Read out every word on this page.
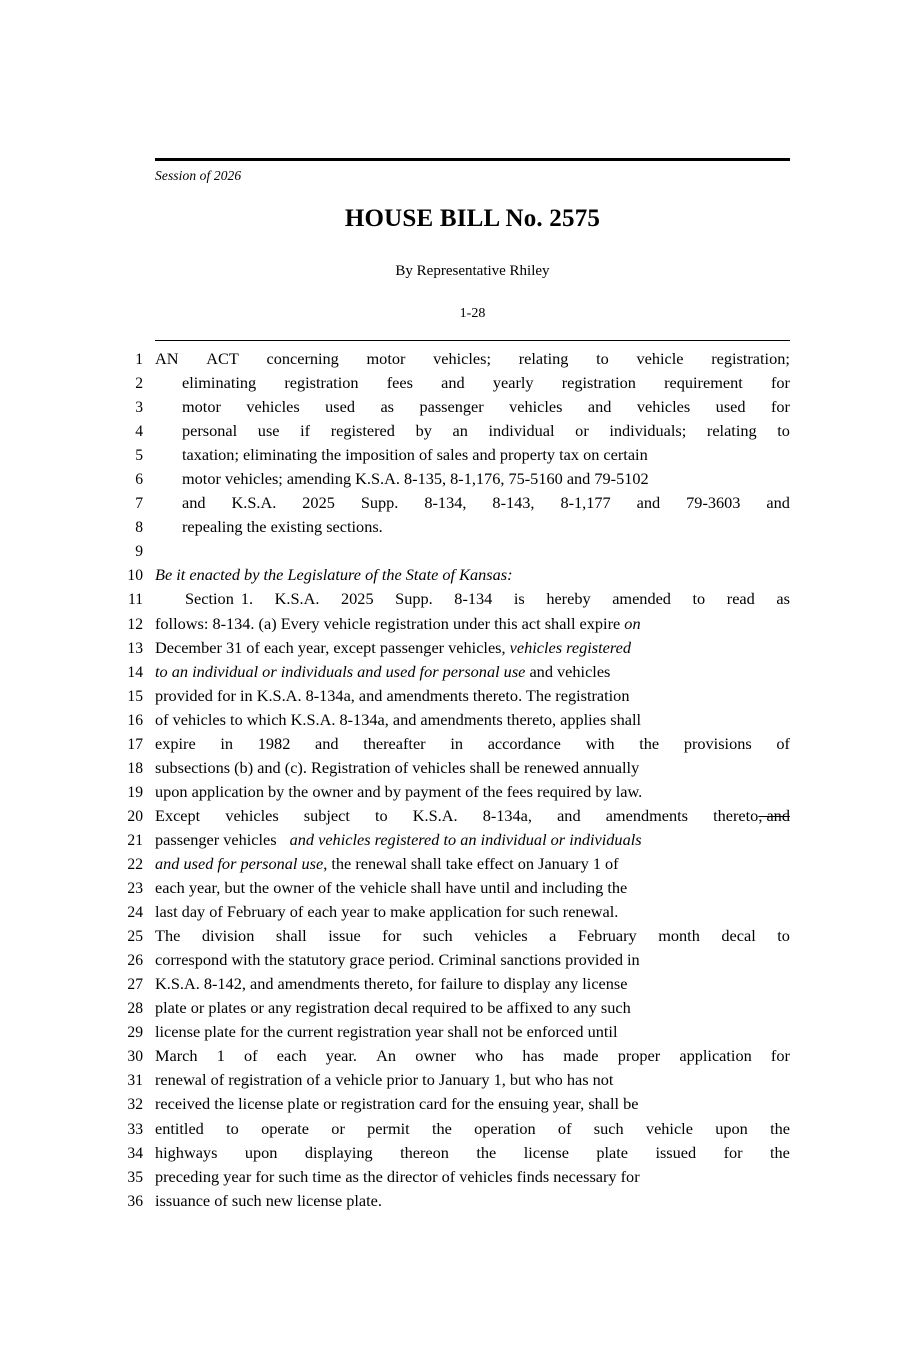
Session of 2026
HOUSE BILL No. 2575
By Representative Rhiley
1-28
1 AN ACT concerning motor vehicles; relating to vehicle registration;
2 eliminating registration fees and yearly registration requirement for
3 motor vehicles used as passenger vehicles and vehicles used for
4 personal use if registered by an individual or individuals; relating to
5 taxation; eliminating the imposition of sales and property tax on certain
6 motor vehicles; amending K.S.A. 8-135, 8-1,176, 75-5160 and 79-5102
7 and K.S.A. 2025 Supp. 8-134, 8-143, 8-1,177 and 79-3603 and
8 repealing the existing sections.
9
10 Be it enacted by the Legislature of the State of Kansas:
11	Section 1. K.S.A. 2025 Supp. 8-134 is hereby amended to read as
12 follows: 8-134. (a) Every vehicle registration under this act shall expire on
13 December 31 of each year, except passenger vehicles, vehicles registered
14 to an individual or individuals and used for personal use and vehicles
15 provided for in K.S.A. 8-134a, and amendments thereto. The registration
16 of vehicles to which K.S.A. 8-134a, and amendments thereto, applies shall
17 expire in 1982 and thereafter in accordance with the provisions of
18 subsections (b) and (c). Registration of vehicles shall be renewed annually
19 upon application by the owner and by payment of the fees required by law.
20 Except vehicles subject to K.S.A. 8-134a, and amendments thereto, and
21 passenger vehicles and vehicles registered to an individual or individuals
22 and used for personal use, the renewal shall take effect on January 1 of
23 each year, but the owner of the vehicle shall have until and including the
24 last day of February of each year to make application for such renewal.
25 The division shall issue for such vehicles a February month decal to
26 correspond with the statutory grace period. Criminal sanctions provided in
27 K.S.A. 8-142, and amendments thereto, for failure to display any license
28 plate or plates or any registration decal required to be affixed to any such
29 license plate for the current registration year shall not be enforced until
30 March 1 of each year. An owner who has made proper application for
31 renewal of registration of a vehicle prior to January 1, but who has not
32 received the license plate or registration card for the ensuing year, shall be
33 entitled to operate or permit the operation of such vehicle upon the
34 highways upon displaying thereon the license plate issued for the
35 preceding year for such time as the director of vehicles finds necessary for
36 issuance of such new license plate.
